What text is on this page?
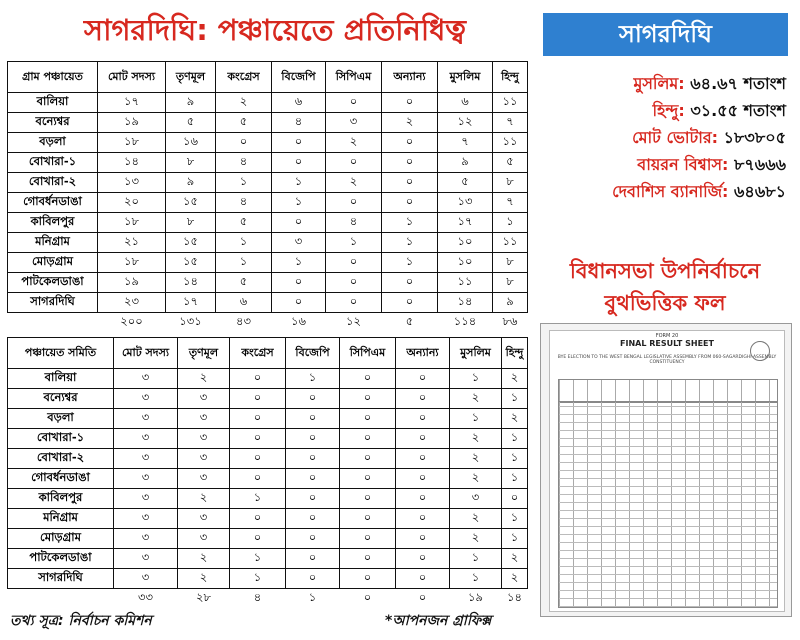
সাগরদিঘি: পঞ্চায়েতে প্রতিনিধিত্ব	সাগরদিঘি
মুসলিম: ৬৪.৬৭ শতাংশ
হিন্দু: ৩১.৫৫ শতাংশ
মোট ভোটার: ১৮৩৮০৫
বায়রন বিশ্বাস: ৮৭৬৬৬
দেবাশিস ব্যানার্জি: ৬৪৬৮১
বিধানসভা উপনির্বাচনে
বুথভিত্তিক ফল
FORM 20
FINAL RESULT SHEET
BYE ELECTION TO THE WEST BENGAL LEGISLATIVE ASSEMBLY FROM 060-SAGARDIGHI ASSEMBLY CONSTITUENCY
গ্রাম পঞ্চায়েত	মোট সদস্য	তৃণমূল	কংগ্রেস	বিজেপি	সিপিএম	অন্যান্য	মুসলিম	হিন্দু
বালিয়া	১৭	৯	২	৬	০	০	৬	১১
বন্যেশ্বর	১৯	৫	৫	৪	৩	২	১২	৭
বড়লা	১৮	১৬	০	০	২	০	৭	১১
বোখারা-১	১৪	৮	৪	০	০	০	৯	৫
বোখারা-২	১৩	৯	১	১	২	০	৫	৮
গোবর্ধনডাঙা	২০	১৫	৪	১	০	০	১৩	৭
কাবিলপুর	১৮	৮	৫	০	৪	১	১৭	১
মনিগ্রাম	২১	১৫	১	৩	১	১	১০	১১
মোড়গ্রাম	১৮	১৫	১	১	০	১	১০	৮
পাটকেলডাঙা	১৯	১৪	৫	০	০	০	১১	৮
সাগরদিঘি	২৩	১৭	৬	০	০	০	১৪	৯
	২০০	১৩১	৪৩	১৬	১২	৫	১১৪	৮৬
পঞ্চায়েত সমিতি	মোট সদস্য	তৃণমূল	কংগ্রেস	বিজেপি	সিপিএম	অন্যান্য	মুসলিম	হিন্দু
বালিয়া	৩	২	০	১	০	০	১	২
বন্যেশ্বর	৩	৩	০	০	০	০	২	১
বড়লা	৩	৩	০	০	০	০	১	২
বোখারা-১	৩	৩	০	০	০	০	২	১
বোখারা-২	৩	৩	০	০	০	০	২	১
গোবর্ধনডাঙা	৩	৩	০	০	০	০	২	১
কাবিলপুর	৩	২	১	০	০	০	৩	০
মনিগ্রাম	৩	৩	০	০	০	০	২	১
মোড়গ্রাম	৩	৩	০	০	০	০	২	১
পাটকেলডাঙা	৩	২	১	০	০	০	১	২
সাগরদিঘি	৩	২	১	০	০	০	১	২
	৩৩	২৮	৪	১	০	০	১৯	১৪
তথ্য সূত্র: নির্বাচন কমিশন	*আপনজন গ্রাফিক্স
